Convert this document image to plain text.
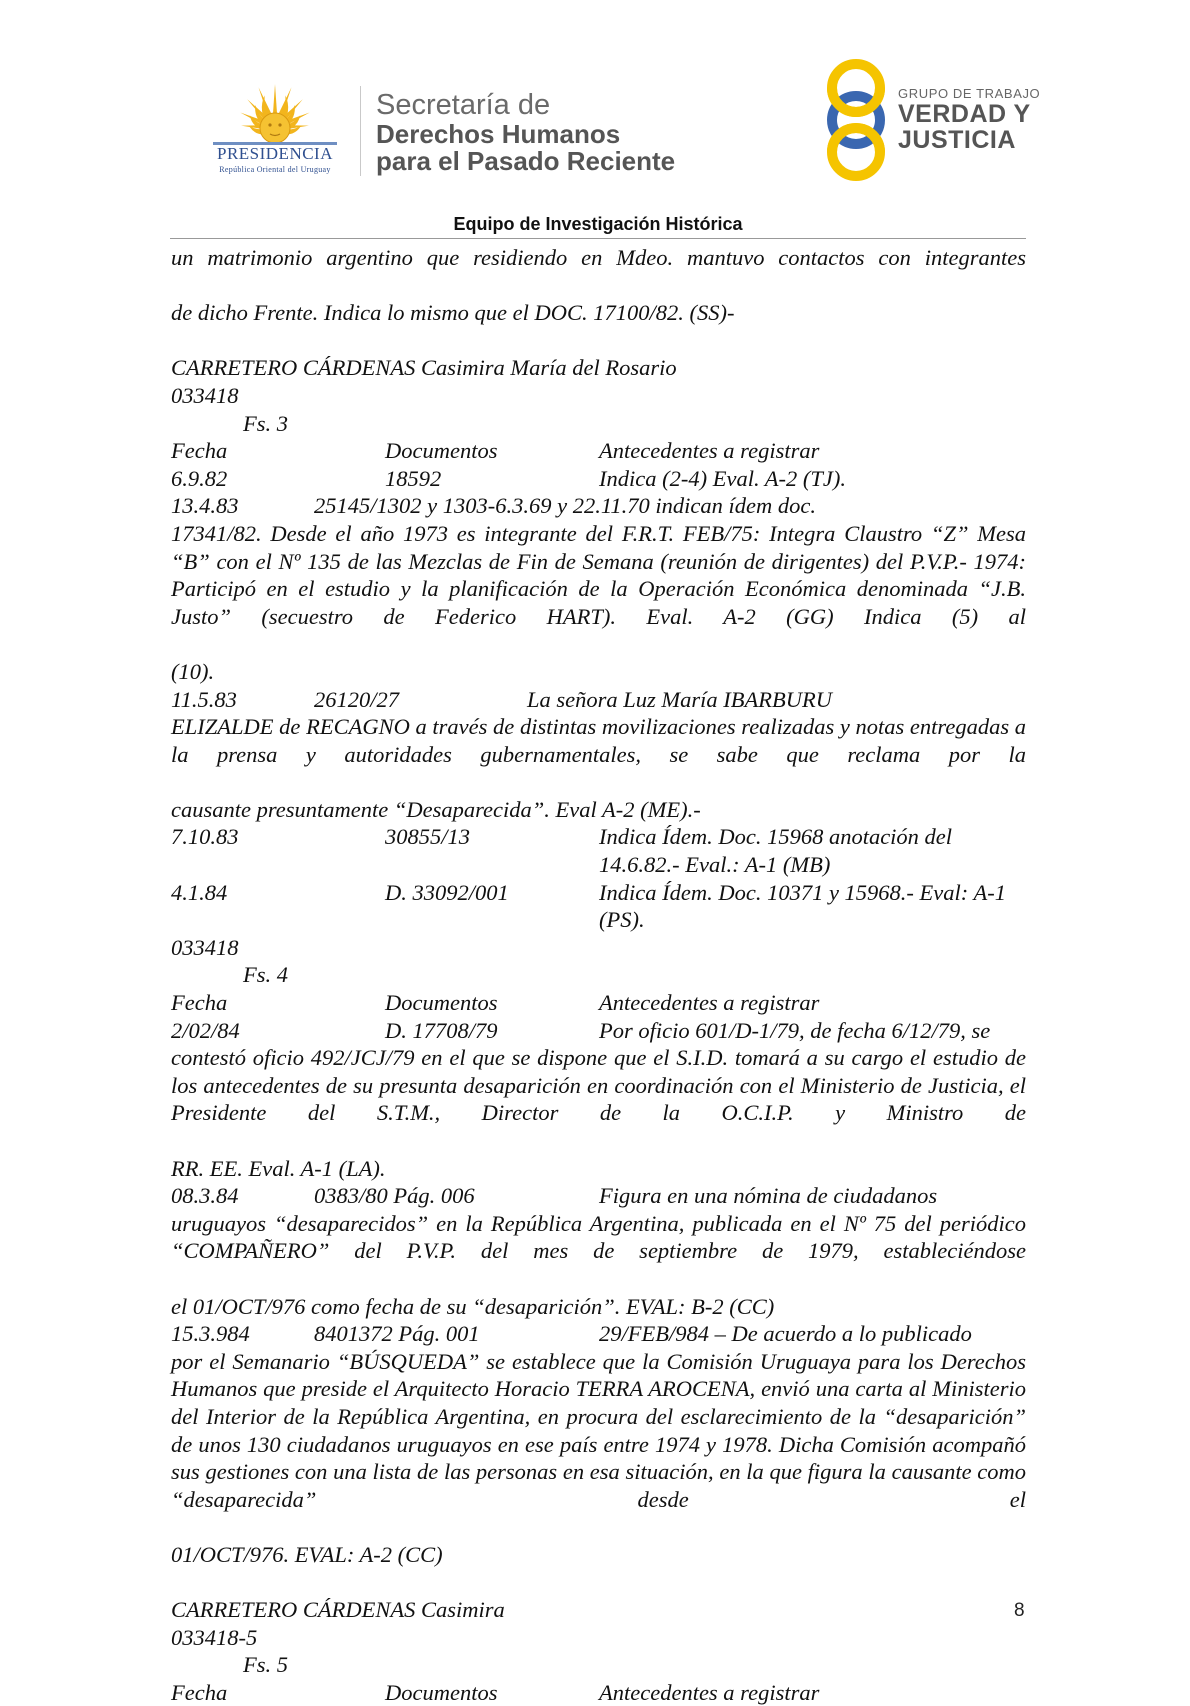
PRESIDENCIA
República Oriental del Uruguay
Secretaría de
Derechos Humanos
para el Pasado Reciente
GRUPO DE TRABAJO
VERDAD Y
JUSTICIA
Equipo de Investigación Histórica

un matrimonio argentino que residiendo en Mdeo. mantuvo contactos con integrantes

de dicho Frente. Indica lo mismo que el DOC. 17100/82. (SS)-
CARRETERO CÁRDENAS Casimira María del Rosario
033418
Fs. 3
Fecha	Documentos	Antecedentes a registrar
6.9.82	18592	Indica (2-4) Eval. A-2 (TJ).
13.4.83	25145/1302 y 1303-6.3.69 y 22.11.70 indican ídem doc.

17341/82. Desde el año 1973 es integrante del F.R.T. FEB/75: Integra Claustro “Z” Mesa “B” con el Nº 135 de las Mezclas de Fin de Semana (reunión de dirigentes) del P.V.P.- 1974: Participó en el estudio y la planificación de la Operación Económica denominada “J.B. Justo” (secuestro de Federico HART). Eval. A-2 (GG) Indica (5) al

(10).
11.5.83	26120/27	La señora Luz María IBARBURU

ELIZALDE de RECAGNO a través de distintas movilizaciones realizadas y notas entregadas a la prensa y autoridades gubernamentales, se sabe que reclama por la

causante presuntamente “Desaparecida”. Eval A-2 (ME).-
7.10.83	30855/13	Indica Ídem. Doc. 15968 anotación del 14.6.82.- Eval.: A-1 (MB)
4.1.84	D. 33092/001	Indica Ídem. Doc. 10371 y 15968.- Eval: A-1 (PS).
033418
Fs. 4
Fecha	Documentos	Antecedentes a registrar
2/02/84	D. 17708/79	Por oficio 601/D-1/79, de fecha 6/12/79, se

contestó oficio 492/JCJ/79 en el que se dispone que el S.I.D. tomará a su cargo el estudio de los antecedentes de su presunta desaparición en coordinación con el Ministerio de Justicia, el Presidente del S.T.M., Director de la O.C.I.P. y Ministro de

RR. EE. Eval. A-1 (LA).
08.3.84	0383/80 Pág. 006	Figura en una nómina de ciudadanos

uruguayos “desaparecidos” en la República Argentina, publicada en el Nº 75 del periódico “COMPAÑERO” del P.V.P. del mes de septiembre de 1979, estableciéndose

el 01/OCT/976 como fecha de su “desaparición”. EVAL: B-2 (CC)
15.3.984	8401372 Pág. 001	29/FEB/984 – De acuerdo a lo publicado

por el Semanario “BÚSQUEDA” se establece que la Comisión Uruguaya para los Derechos Humanos que preside el Arquitecto Horacio TERRA AROCENA, envió una carta al Ministerio del Interior de la República Argentina, en procura del esclarecimiento de la “desaparición” de unos 130 ciudadanos uruguayos en ese país entre 1974 y 1978. Dicha Comisión acompañó sus gestiones con una lista de las personas en esa situación, en la que figura la causante como “desaparecida” desde el

01/OCT/976. EVAL: A-2 (CC)
CARRETERO CÁRDENAS Casimira
033418-5
Fs. 5
Fecha	Documentos	Antecedentes a registrar
8
